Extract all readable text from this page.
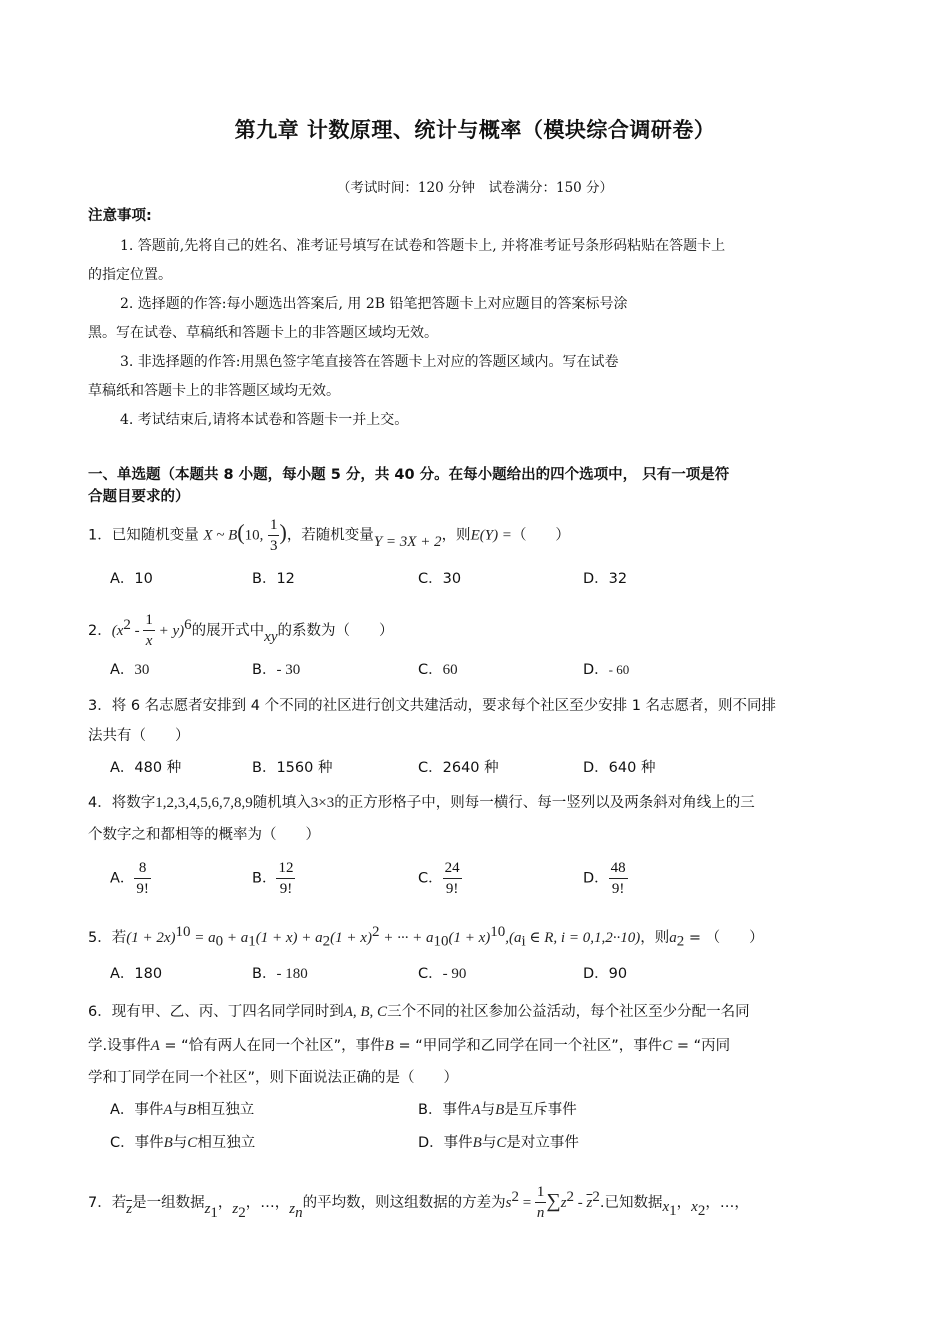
第九章 计数原理、统计与概率（模块综合调研卷）
（考试时间：120 分钟　试卷满分：150 分）
注意事项:
1. 答题前,先将自己的姓名、准考证号填写在试卷和答题卡上, 并将准考证号条形码粘贴在答题卡上
的指定位置。
2. 选择题的作答:每小题选出答案后, 用 2B 铅笔把答题卡上对应题目的答案标号涂
黑。写在试卷、草稿纸和答题卡上的非答题区域均无效。
3. 非选择题的作答:用黑色签字笔直接答在答题卡上对应的答题区域内。写在试卷
草稿纸和答题卡上的非答题区域均无效。
4. 考试结束后,请将本试卷和答题卡一并上交。
一、单选题（本题共 8 小题，每小题 5 分，共 40 分。在每小题给出的四个选项中， 只有一项是符
合题目要求的）
1．已知随机变量 X ~ B(10, $\frac{1}{3}$ )，若随机变量Y = 3X + 2，则E(Y) =（　　）
A．10	B．12	C．30	D．32
2．$(x^2 - \frac{1}{x} + y)^6$的展开式中xy的系数为（　　）
A．30	B．- 30	C．60	D．- 60
3．将 6 名志愿者安排到 4 个不同的社区进行创文共建活动，要求每个社区至少安排 1 名志愿者，则不同排
法共有（　　）
A．480 种	B．1560 种	C．2640 种	D．640 种
4．将数字1,2,3,4,5,6,7,8,9随机填入3×3的正方形格子中，则每一横行、每一竖列以及两条斜对角线上的三
个数字之和都相等的概率为（　　）
A． $\frac{8}{9!}$	B． $\frac{12}{9!}$	C． $\frac{24}{9!}$	D． $\frac{48}{9!}$
5．若$(1 + 2x)^{10} = a_0 + a_1(1 + x) + a_2(1 + x)^2$ + ··· + $a_{10}(1 + x)^{10},(a_i$ ∈ R, i = 0,1,2··10)，则$a_2$ = （　　）
A．180	B．- 180	C．- 90	D．90
6．现有甲、乙、丙、丁四名同学同时到A, B, C三个不同的社区参加公益活动，每个社区至少分配一名同
学.设事件A = “恰有两人在同一个社区”，事件B = “甲同学和乙同学在同一个社区”，事件C = “丙同
学和丁同学在同一个社区”，则下面说法正确的是（　　）
A．事件A与B相互独立	B．事件A与B是互斥事件
C．事件B与C相互独立	D．事件B与C是对立事件
7．若$\overline{z}$是一组数据$z_1$，$z_2$，…，$z_n$的平均数，则这组数据的方差为$s^2 = \frac{1}{n} \sum z^2 - \overline{z}^2$.已知数据$x_1$，$x_2$，…，
